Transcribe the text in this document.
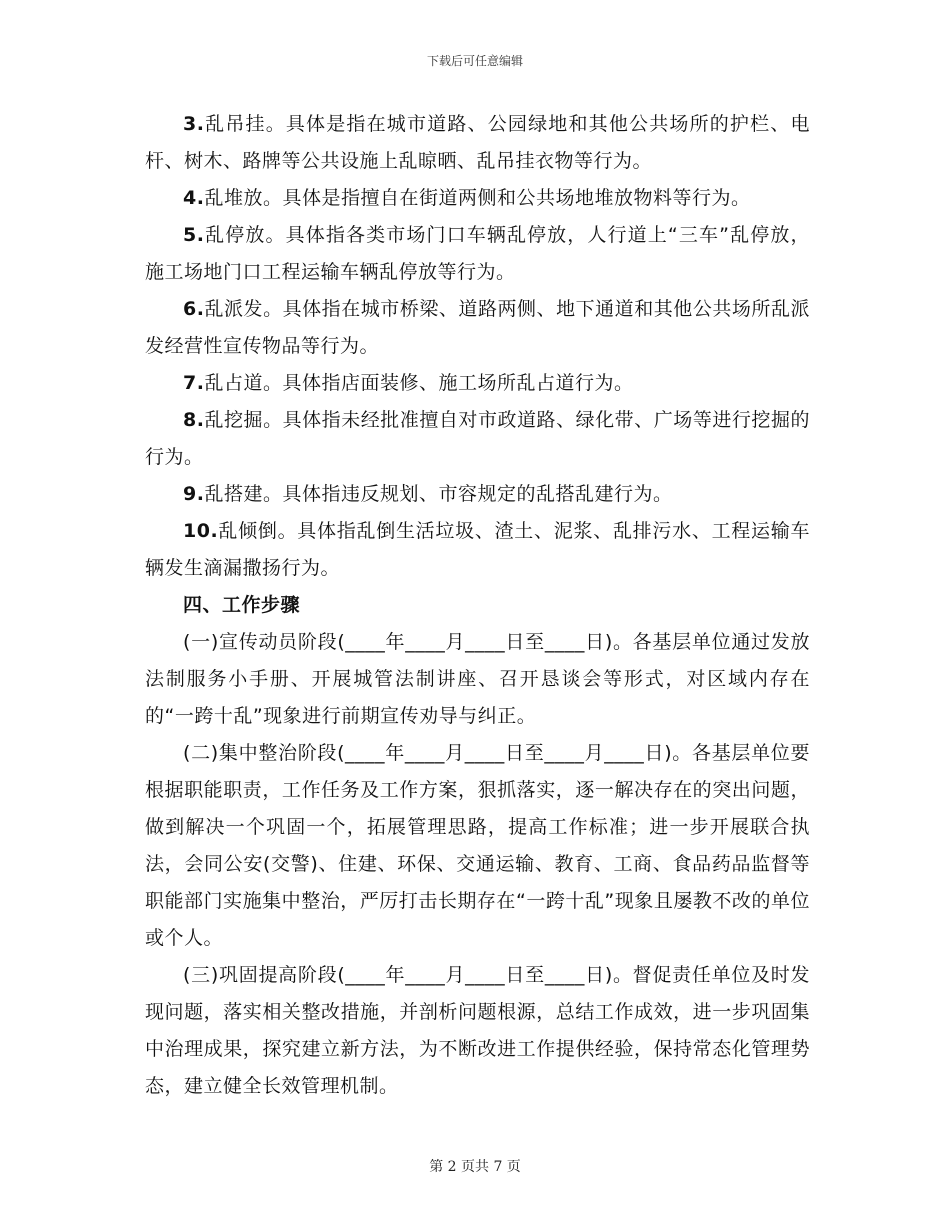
下载后可任意编辑

3.乱吊挂。具体是指在城市道路、公园绿地和其他公共场所的护栏、电杆、树木、路牌等公共设施上乱晾晒、乱吊挂衣物等行为。

4.乱堆放。具体是指擅自在街道两侧和公共场地堆放物料等行为。

5.乱停放。具体指各类市场门口车辆乱停放，人行道上“三车”乱停放，施工场地门口工程运输车辆乱停放等行为。

6.乱派发。具体指在城市桥梁、道路两侧、地下通道和其他公共场所乱派发经营性宣传物品等行为。

7.乱占道。具体指店面装修、施工场所乱占道行为。

8.乱挖掘。具体指未经批准擅自对市政道路、绿化带、广场等进行挖掘的行为。

9.乱搭建。具体指违反规划、市容规定的乱搭乱建行为。

10.乱倾倒。具体指乱倒生活垃圾、渣土、泥浆、乱排污水、工程运输车辆发生滴漏撒扬行为。

四、工作步骤

(一)宣传动员阶段(____年____月____日至____日)。各基层单位通过发放法制服务小手册、开展城管法制讲座、召开恳谈会等形式，对区域内存在的“一跨十乱”现象进行前期宣传劝导与纠正。

(二)集中整治阶段(____年____月____日至____月____日)。各基层单位要根据职能职责，工作任务及工作方案，狠抓落实，逐一解决存在的突出问题，做到解决一个巩固一个，拓展管理思路，提高工作标准；进一步开展联合执法，会同公安(交警)、住建、环保、交通运输、教育、工商、食品药品监督等职能部门实施集中整治，严厉打击长期存在“一跨十乱”现象且屡教不改的单位或个人。

(三)巩固提高阶段(____年____月____日至____日)。督促责任单位及时发现问题，落实相关整改措施，并剖析问题根源，总结工作成效，进一步巩固集中治理成果，探究建立新方法，为不断改进工作提供经验，保持常态化管理势态，建立健全长效管理机制。

第 2 页共 7 页
